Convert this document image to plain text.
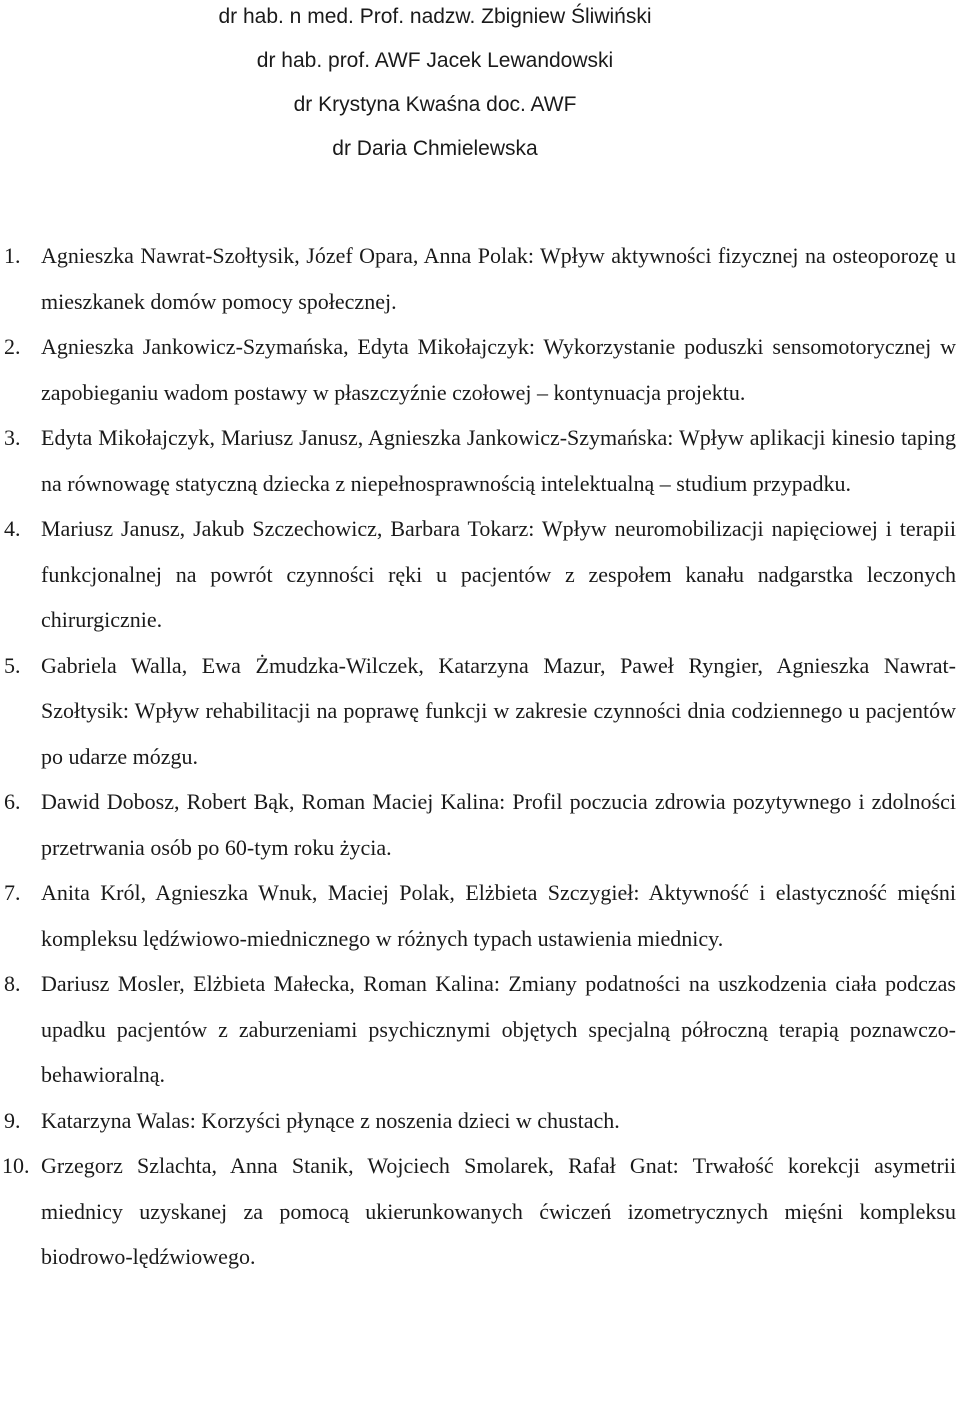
dr hab. n med. Prof. nadzw. Zbigniew Śliwiński
dr hab. prof. AWF Jacek Lewandowski
dr Krystyna Kwaśna doc. AWF
dr Daria Chmielewska
1. Agnieszka Nawrat-Szołtysik, Józef Opara, Anna Polak: Wpływ aktywności fizycznej na osteoporozę u mieszkanek domów pomocy społecznej.
2. Agnieszka Jankowicz-Szymańska, Edyta Mikołajczyk: Wykorzystanie poduszki sensomotorycznej w zapobieganiu wadom postawy w płaszczyźnie czołowej – kontynuacja projektu.
3. Edyta Mikołajczyk, Mariusz Janusz, Agnieszka Jankowicz-Szymańska: Wpływ aplikacji kinesio taping na równowagę statyczną dziecka z niepełnosprawnością intelektualną – studium przypadku.
4. Mariusz Janusz, Jakub Szczechowicz, Barbara Tokarz: Wpływ neuromobilizacji napięciowej i terapii funkcjonalnej na powrót czynności ręki u pacjentów z zespołem kanału nadgarstka leczonych chirurgicznie.
5. Gabriela Walla, Ewa Żmudzka-Wilczek, Katarzyna Mazur, Paweł Ryngier, Agnieszka Nawrat-Szołtysik: Wpływ rehabilitacji na poprawę funkcji w zakresie czynności dnia codziennego u pacjentów po udarze mózgu.
6. Dawid Dobosz, Robert Bąk, Roman Maciej Kalina: Profil poczucia zdrowia pozytywnego i zdolności przetrwania osób po 60-tym roku życia.
7. Anita Król, Agnieszka Wnuk, Maciej Polak, Elżbieta Szczygieł: Aktywność i elastyczność mięśni kompleksu lędźwiowo-miednicznego w różnych typach ustawienia miednicy.
8. Dariusz Mosler, Elżbieta Małecka, Roman Kalina: Zmiany podatności na uszkodzenia ciała podczas upadku pacjentów z zaburzeniami psychicznymi objętych specjalną półroczną terapią poznawczo-behawioralną.
9. Katarzyna Walas: Korzyści płynące z noszenia dzieci w chustach.
10. Grzegorz Szlachta, Anna Stanik, Wojciech Smolarek, Rafał Gnat: Trwałość korekcji asymetrii miednicy uzyskanej za pomocą ukierunkowanych ćwiczeń izometrycznych mięśni kompleksu biodrowo-lędźwiowego.
